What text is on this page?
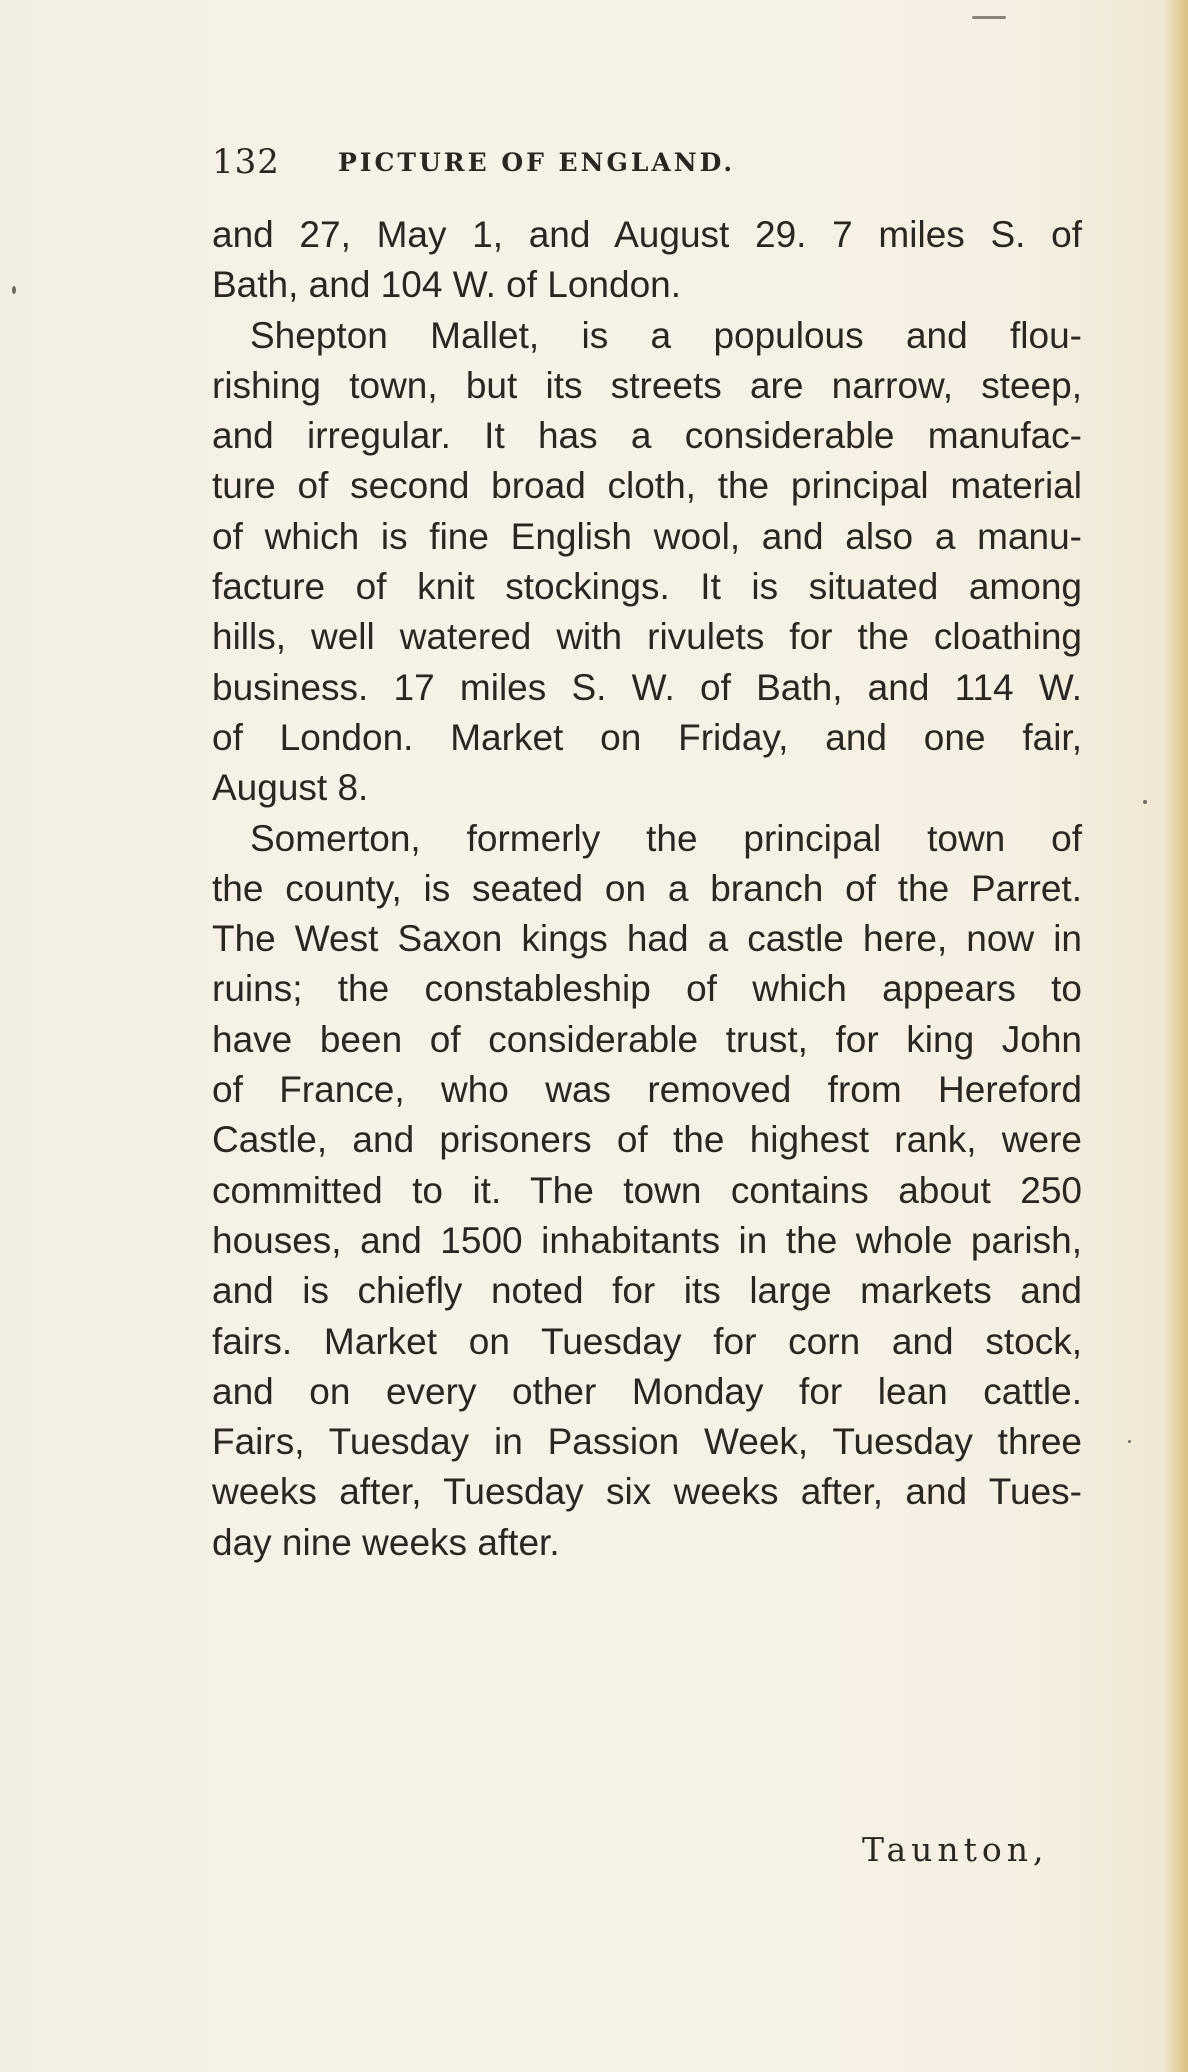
132 PICTURE OF ENGLAND.
and 27, May 1, and August 29. 7 miles S. of
Bath, and 104 W. of London.
Shepton Mallet, is a populous and flou-
rishing town, but its streets are narrow, steep,
and irregular. It has a considerable manufac-
ture of second broad cloth, the principal material
of which is fine English wool, and also a manu-
facture of knit stockings. It is situated among
hills, well watered with rivulets for the cloathing
business. 17 miles S. W. of Bath, and 114 W.
of London. Market on Friday, and one fair,
August 8.
Somerton, formerly the principal town of
the county, is seated on a branch of the Parret.
The West Saxon kings had a castle here, now in
ruins; the constableship of which appears to
have been of considerable trust, for king John
of France, who was removed from Hereford
Castle, and prisoners of the highest rank, were
committed to it. The town contains about 250
houses, and 1500 inhabitants in the whole parish,
and is chiefly noted for its large markets and
fairs. Market on Tuesday for corn and stock,
and on every other Monday for lean cattle.
Fairs, Tuesday in Passion Week, Tuesday three
weeks after, Tuesday six weeks after, and Tues-
day nine weeks after.
Taunton,
